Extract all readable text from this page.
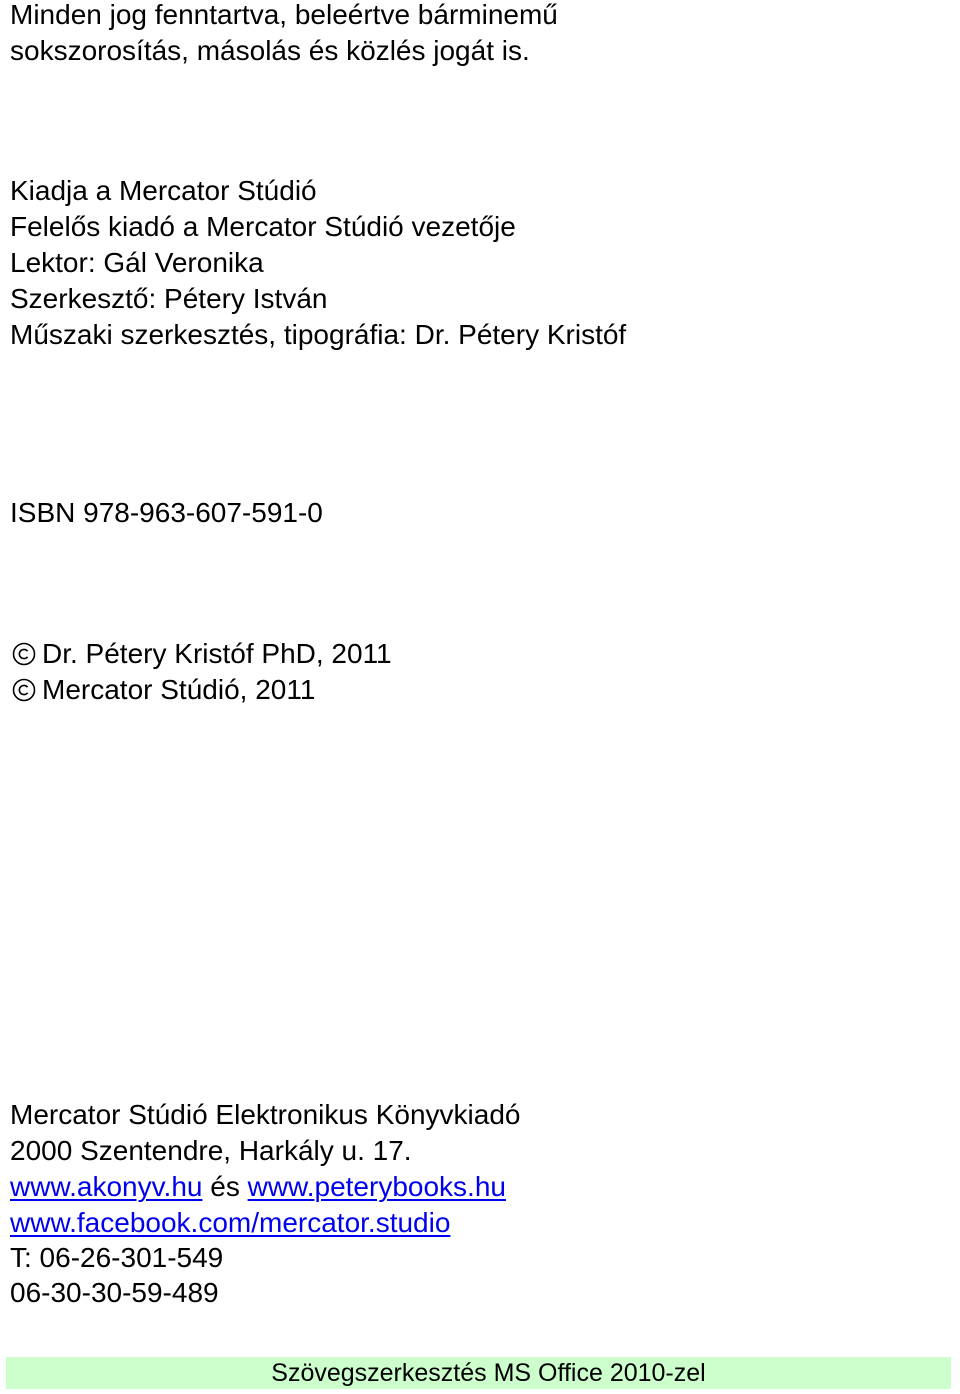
Minden jog fenntartva, beleértve bárminemű
sokszorosítás, másolás és közlés jogát is.
Kiadja a Mercator Stúdió
Felelős kiadó a Mercator Stúdió vezetője
Lektor: Gál Veronika
Szerkesztő: Pétery István
Műszaki szerkesztés, tipográfia: Dr. Pétery Kristóf
ISBN 978-963-607-591-0
Dr. Pétery Kristóf PhD, 2011
Mercator Stúdió, 2011
Mercator Stúdió Elektronikus Könyvkiadó
2000 Szentendre, Harkály u. 17.
www.akonyv.hu és www.peterybooks.hu
www.facebook.com/mercator.studio
T: 06-26-301-549
06-30-30-59-489
Szövegszerkesztés MS Office 2010-zel
